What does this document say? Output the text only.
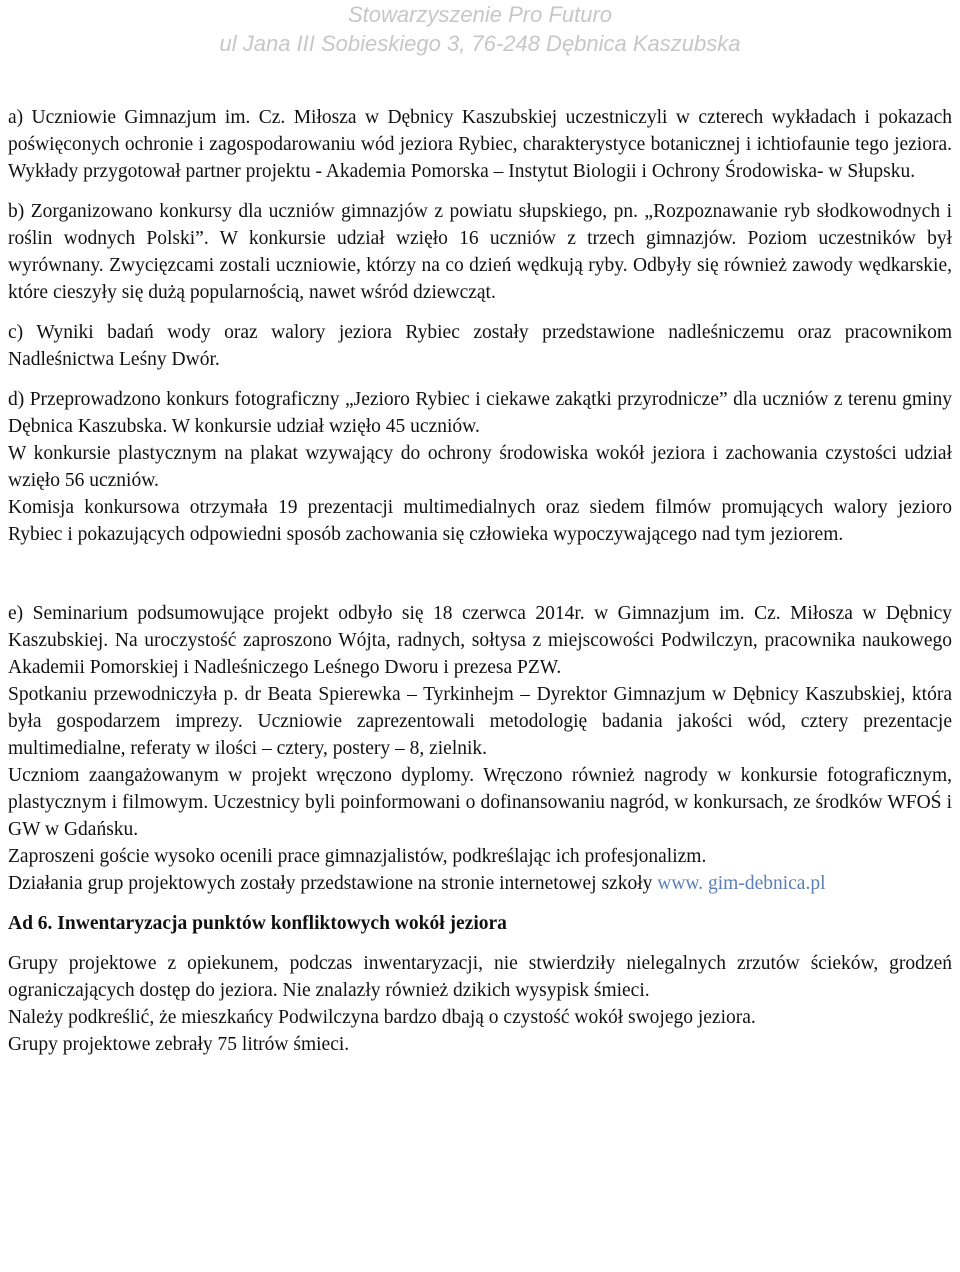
Stowarzyszenie Pro Futuro
ul Jana III Sobieskiego 3, 76-248 Dębnica Kaszubska

a) Uczniowie Gimnazjum im. Cz. Miłosza w Dębnicy Kaszubskiej uczestniczyli w czterech wykładach i pokazach poświęconych ochronie i zagospodarowaniu wód jeziora Rybiec, charakterystyce botanicznej i ichtiofaunie tego jeziora. Wykłady przygotował partner projektu - Akademia Pomorska – Instytut Biologii i Ochrony Środowiska- w Słupsku.

b) Zorganizowano konkursy dla uczniów gimnazjów z powiatu słupskiego, pn. „Rozpoznawanie ryb słodkowodnych i roślin wodnych Polski”. W konkursie udział wzięło 16 uczniów z trzech gimnazjów. Poziom uczestników był wyrównany. Zwycięzcami zostali uczniowie, którzy na co dzień wędkują ryby. Odbyły się również zawody wędkarskie, które cieszyły się dużą popularnością, nawet wśród dziewcząt.

c) Wyniki badań wody oraz walory jeziora Rybiec zostały przedstawione nadleśniczemu oraz pracownikom Nadleśnictwa Leśny Dwór.

d) Przeprowadzono konkurs fotograficzny „Jezioro Rybiec i ciekawe zakątki przyrodnicze” dla uczniów z terenu gminy Dębnica Kaszubska. W konkursie udział wzięło 45 uczniów.

W konkursie plastycznym na plakat wzywający do ochrony środowiska wokół jeziora i zachowania czystości udział wzięło 56 uczniów.

Komisja konkursowa otrzymała 19 prezentacji multimedialnych oraz siedem filmów promujących walory jezioro Rybiec i pokazujących odpowiedni sposób zachowania się człowieka wypoczywającego nad tym jeziorem.

e) Seminarium podsumowujące projekt odbyło się 18 czerwca 2014r. w Gimnazjum im. Cz. Miłosza w Dębnicy Kaszubskiej. Na uroczystość zaproszono Wójta, radnych, sołtysa z miejscowości Podwilczyn, pracownika naukowego Akademii Pomorskiej i Nadleśniczego Leśnego Dworu i prezesa PZW.

Spotkaniu przewodniczyła p. dr Beata Spierewka – Tyrkinhejm – Dyrektor Gimnazjum w Dębnicy Kaszubskiej, która była gospodarzem imprezy. Uczniowie zaprezentowali metodologię badania jakości wód, cztery prezentacje multimedialne, referaty w ilości – cztery, postery – 8, zielnik.

Uczniom zaangażowanym w projekt wręczono dyplomy. Wręczono również nagrody w konkursie fotograficznym, plastycznym i filmowym. Uczestnicy byli poinformowani o dofinansowaniu nagród, w konkursach, ze środków WFOŚ i GW w Gdańsku.

Zaproszeni goście wysoko ocenili prace gimnazjalistów, podkreślając ich profesjonalizm.

Działania grup projektowych zostały przedstawione na stronie internetowej szkoły www. gim-debnica.pl

Ad 6. Inwentaryzacja punktów konfliktowych wokół jeziora

Grupy projektowe z opiekunem, podczas inwentaryzacji, nie stwierdziły nielegalnych zrzutów ścieków, grodzeń ograniczających dostęp do jeziora. Nie znalazły również dzikich wysypisk śmieci.

Należy podkreślić, że mieszkańcy Podwilczyna bardzo dbają o czystość wokół swojego jeziora.

Grupy projektowe zebrały 75 litrów śmieci.
